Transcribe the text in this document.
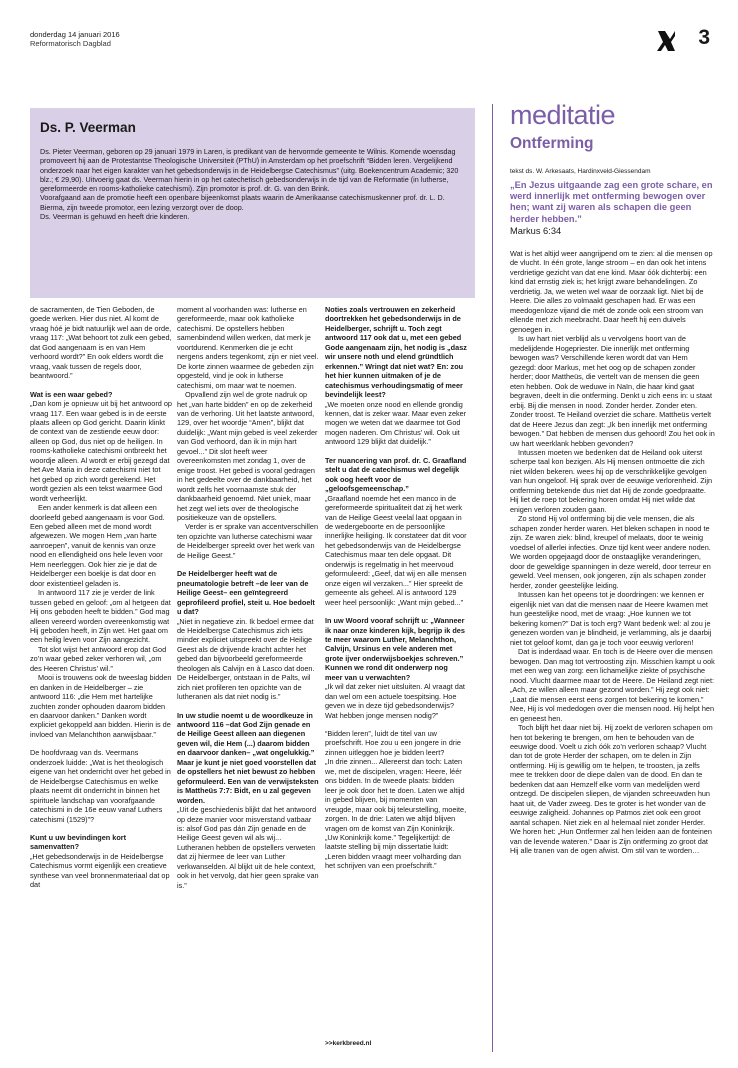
donderdag 14 januari 2016
Reformatorisch Dagblad	3
Ds. P. Veerman
Ds. Pieter Veerman, geboren op 29 januari 1979 in Laren, is predikant van de hervormde gemeente te Wilnis. Komende woensdag promoveert hij aan de Protestantse Theologische Universiteit (PThU) in Amsterdam op het proefschrift “Bidden leren. Vergelijkend onderzoek naar het eigen karakter van het gebedsonderwijs in de Heidelbergse Catechismus” (uitg. Boekencentrum Academic; 320 blz.; € 29,90). Uitvoerig gaat ds. Veerman hierin in op het catechetisch gebedsonderwijs in de tijd van de Reformatie (in lutherse, gereformeerde en rooms-katholieke catechismi). Zijn promotor is prof. dr. G. van den Brink.
Voorafgaand aan de promotie heeft een openbare bijeenkomst plaats waarin de Amerikaanse catechismuskenner prof. dr. L. D. Bierma, zijn tweede promotor, een lezing verzorgt over de doop.
Ds. Veerman is gehuwd en heeft drie kinderen.

de sacramenten, de Tien Geboden, de goede werken. Hier dus niet. Al komt de vraag hóé je bidt natuurlijk wel aan de orde, vraag 117: „Wat behoort tot zulk een gebed, dat God aangenaam is en van Hem verhoord wordt?” En ook elders wordt die vraag, vaak tussen de regels door, beantwoord.”

Wat is een waar gebed?

„Dan kom je opnieuw uit bij het antwoord op vraag 117. Een waar gebed is in de eerste plaats alleen op God gericht. Daarin klinkt de context van de zestiende eeuw door: alleen op God, dus niet op de heiligen. In rooms-katholieke catechismi ontbreekt het woordje alleen. Al wordt er erbij gezegd dat het Ave Maria in deze catechismi niet tot het gebed op zich wordt gerekend. Het wordt gezien als een tekst waarmee God wordt verheerlijkt.

Een ander kenmerk is dat alleen een doorleefd gebed aangenaam is voor God. Een gebed alleen met de mond wordt afgewezen. We mogen Hem „van harte aanroepen”, vanuit de kennis van onze nood en ellendigheid ons hele leven voor Hem neerleggen. Ook hier zie je dat de Heidelberger een boekje is dat door en door existentieel geladen is.

In antwoord 117 zie je verder de link tussen gebed en geloof: „om al hetgeen dat Hij ons geboden heeft te bidden.” God mag alleen vereerd worden overeenkomstig wat Hij geboden heeft, in Zijn wet. Het gaat om een heilig leven voor Zijn aangezicht.

Tot slot wijst het antwoord erop dat God zo’n waar gebed zeker verhoren wil, „om des Heeren Christus’ wil.”

Mooi is trouwens ook de tweeslag bidden en danken in de Heidelberger – zie antwoord 116: „die Hem met hartelijke zuchten zonder ophouden daarom bidden en daarvoor danken.” Danken wordt expliciet gekoppeld aan bidden. Hierin is de invloed van Melanchthon aanwijsbaar.”

De hoofdvraag van ds. Veermans onderzoek luidde: „Wat is het theologisch eigene van het onderricht over het gebed in de Heidelbergse Catechismus en welke plaats neemt dit onderricht in binnen het spirituele landschap van voorafgaande catechismi in de 16e eeuw vanaf Luthers catechismi (1529)”?

Kunt u uw bevindingen kort samenvatten?

„Het gebedsonderwijs in de Heidelbergse Catechismus vormt eigenlijk een creatieve synthese van veel bronnenmateriaal dat op dat

moment al voorhanden was: lutherse en gereformeerde, maar ook katholieke catechismi. De opstellers hebben samenbindend willen werken, dat merk je voortdurend. Kenmerken die je echt nergens anders tegenkomt, zijn er niet veel. De korte zinnen waarmee de gebeden zijn opgesteld, vind je ook in lutherse catechismi, om maar wat te noemen.

Opvallend zijn wel de grote nadruk op het „van harte bidden” en op de zekerheid van de verhoring. Uit het laatste antwoord, 129, over het woordje “Amen”, blijkt dat duidelijk: „Want mijn gebed is veel zekerder van God verhoord, dan ik in mijn hart gevoel...” Dit slot heeft weer overeenkomsten met zondag 1, over de enige troost. Het gebed is vooral gedragen in het gedeelte over de dankbaarheid, het wordt zelfs het voornaamste stuk der dankbaarheid genoemd. Niet uniek, maar het zegt wel iets over de theologische positiekeuze van de opstellers.

Verder is er sprake van accentverschillen ten opzichte van lutherse catechismi waar de Heidelberger spreekt over het werk van de Heilige Geest.”

De Heidelberger heeft wat de pneumatologie betreft –de leer van de Heilige Geest– een geïntegreerd geprofileerd profiel, steit u. Hoe bedoelt u dat?

„Niet in negatieve zin. Ik bedoel ermee dat de Heidelbergse Catechismus zich iets minder expliciet uitspreekt over de Heilige Geest als de drijvende kracht achter het gebed dan bijvoorbeeld gereformeerde theologen als Calvijn en à Lasco dat doen. De Heidelberger, ontstaan in de Palts, wil zich niet profileren ten opzichte van de lutheranen als dat niet nodig is.”

In uw studie noemt u de woordkeuze in antwoord 116 –dat God Zijn genade en de Heilige Geest alleen aan diegenen geven wil, die Hem (...) daarom bidden en daarvoor danken– „wat ongelukkig.” Maar je kunt je niet goed voorstellen dat de opstellers het niet bewust zo hebben geformuleerd. Een van de verwijsteksten is Mattheüs 7:7: Bidt, en u zal gegeven worden.

„Uit de geschiedenis blijkt dat het antwoord op deze manier voor misverstand vatbaar is: alsof God pas dán Zijn genade en de Heilige Geest geven wil als wij... Lutheranen hebben de opstellers verweten dat zij hiermee de leer van Luther verkwanselden. Al blijkt uit de hele context, ook in het vervolg, dat hier geen sprake van is.”

Noties zoals vertrouwen en zekerheid doortrekken het gebedsonderwijs in de Heidelberger, schrijft u. Toch zegt antwoord 117 ook dat u, met een gebed Gode aangenaam zijn, het nodig is „dasz wir unsere noth und elend gründtlich erkennen.” Wringt dat niet wat? En: zou het hier kunnen uitmaken of je de catechismus verhoudingsmatig of meer bevindelijk leest?

„We moeten onze nood en ellende grondig kennen, dat is zeker waar. Maar even zeker mogen we weten dat we daarmee tot God mogen naderen. Om Christus’ wil. Ook uit antwoord 129 blijkt dat duidelijk.”

Ter nuancering van prof. dr. C. Graafland stelt u dat de catechismus wel degelijk ook oog heeft voor de „geloofsgemeenschap.”

„Graafland noemde het een manco in de gereformeerde spiritualiteit dat zij het werk van de Heilige Geest veelal laat opgaan in de wedergeboorte en de persoonlijke innerlijke heiliging. Ik constateer dat dit voor het gebedsonderwijs van de Heidelbergse Catechismus maar ten dele opgaat. Dit onderwijs is regelmatig in het meervoud geformuleerd: „Geef, dat wij en alle mensen onze eigen wil verzaken...” Hier spreekt de gemeente als geheel. Al is antwoord 129 weer heel persoonlijk: „Want mijn gebed...”

In uw Woord vooraf schrijft u: „Wanneer ik naar onze kinderen kijk, begrijp ik des te meer waarom Luther, Melanchthon, Calvijn, Ursinus en vele anderen met grote ijver onderwijsboekjes schreven.” Kunnen we rond dit onderwerp nog meer van u verwachten?

„Ik wil dat zeker niet uitsluiten. Al vraagt dat dan wel om een actuele toespitsing. Hoe geven we in deze tijd gebedsonderwijs? Wat hebben jonge mensen nodig?”

“Bidden leren”, luidt de titel van uw proefschrift. Hoe zou u een jongere in drie zinnen uitleggen hoe je bidden leert?

„In drie zinnen... Allereerst dan toch: Laten we, met de discipelen, vragen: Heere, léér ons bidden. In de tweede plaats: bidden leer je ook door het te doen. Laten we altijd in gebed blijven, bij momenten van vreugde, maar ook bij teleurstelling, moeite, zorgen. In de drie: Laten we altijd blijven vragen om de komst van Zijn Koninkrijk. „Uw Koninkrijk kome.” Tegelijkertijd: de laatste stelling bij mijn dissertatie luidt: „Leren bidden vraagt meer volharding dan het schrijven van een proefschrift.”

>>kerkbreed.nl
meditatie
Ontferming
tekst ds. W. Arkesaats, Hardinxveld-Giessendam
„En Jezus uitgaande zag een grote schare, en werd innerlijk met ontferming bewogen over hen; want zij waren als schapen die geen herder hebben.”
Markus 6:34

Wat is het altijd weer aangrijpend om te zien: al die mensen op de vlucht. In één grote, lange stroom – en dan ook het intens verdrietige gezicht van dat ene kind. Maar óók dichterbij: een kind dat ernstig ziek is; het krijgt zware behandelingen. Zo verdrietig. Ja, we weten wel waar de oorzaak ligt. Niet bij de Heere. Die alles zo volmaakt geschapen had. Er was een meedogenloze vijand die mét de zonde ook een stroom van ellende met zich meebracht. Daar heeft hij een duivels genoegen in.

Is uw hart niet verblijd als u vervolgens hoort van de medelijdende Hogepriester. Die innerlijk met ontferming bewogen was? Verschillende keren wordt dat van Hem gezegd: door Markus, met het oog op de schapen zonder herder; door Mattheüs, die vertelt van de mensen die geen eten hebben. Ook de weduwe in Naïn, die haar kind gaat begraven, deelt in die ontferming. Denkt u zich eens in: u staat erbij. Bij die mensen in nood. Zonder herder. Zonder eten. Zonder troost. Te Heiland overziet die schare. Mattheüs vertelt dat de Heere Jezus dan zegt: „Ik ben innerlijk met ontferming bewogen.” Dat hebben de mensen dus gehoord! Zou het ook in uw hart weerklank hebben gevonden?

Intussen moeten we bedenken dat de Heiland ook uiterst scherpe taal kon bezigen. Als Hij mensen ontmoette die zich niet wilden bekeren. wees hij op de verschrikkelijke gevolgen van hun ongeloof. Hij sprak over de eeuwige verlorenheid. Zijn ontferming betekende dus niet dat Hij de zonde goedpraatte. Hij liet de roep tot bekering horen omdat Hij niet wilde dat enigen verloren zouden gaan.

Zo stond Hij vol ontferming bij die vele mensen, die als schapen zonder herder waren. Het bleken schapen in nood te zijn. Ze waren ziek: blind, kreupel of melaats, door te weinig voedsel of allerlei infecties. Onze tijd kent weer andere noden. We worden opgejaagd door de onstaaglijke veranderingen, door de geweldige spanningen in deze wereld, door terreur en geweld. Veel mensen, ook jongeren, zijn als schapen zonder herder, zonder geestelijke leiding.

Intussen kan het opeens tot je doordringen: we kennen er eigenlijk niet van dat die mensen naar de Heere kwamen met hun geestelijke nood, met de vraag: „Hoe kunnen we tot bekering komen?” Dat is toch erg? Want bedenk wel: al zou je genezen worden van je blindheid, je verlamming, als je daarbij niet tot geloof komt, dan ga je toch voor eeuwig verloren!

Dat is inderdaad waar. En toch is de Heere over die mensen bewogen. Dan mag tot vertroosting zijn. Misschien kampt u ook met een weg van zorg: een lichamelijke ziekte of psychische nood. Vlucht daarmee maar tot de Heere. De Heiland zegt niet: „Ach, ze willen alleen maar gezond worden.” Hij zegt ook niet: „Laat die mensen eerst eens zorgen tot bekering te komen.” Nee, Hij is vol mededogen over die mensen nood. Hij helpt hen en geneest hen.

Toch blijft het daar niet bij. Hij zoekt de verloren schapen om hen tot bekering te brengen, om hen te behouden van de eeuwige dood. Voelt u zich óók zo’n verloren schaap? Vlucht dan tot de grote Herder der schapen, om te delen in Zijn ontferming. Hij is gewillig om te helpen, te troosten, ja zelfs mee te trekken door de diepe dalen van de dood. En dan te bedenken dat aan Hemzelf elke vorm van medelijden werd ontzegd. De discipelen sliepen, de vijanden schreeuwden hun haat uit, de Vader zweeg. Des te groter is het wonder van de eeuwige zaligheid. Johannes op Patmos ziet ook een groot aantal schapen. Niet ziek en al helemaal niet zonder Herder. We horen het: „Hun Ontfermer zal hen leiden aan de fonteinen van de levende wateren.” Daar is Zijn ontferming zo groot dat Hij alle tranen van de ogen afwist. Om stil van te worden…
